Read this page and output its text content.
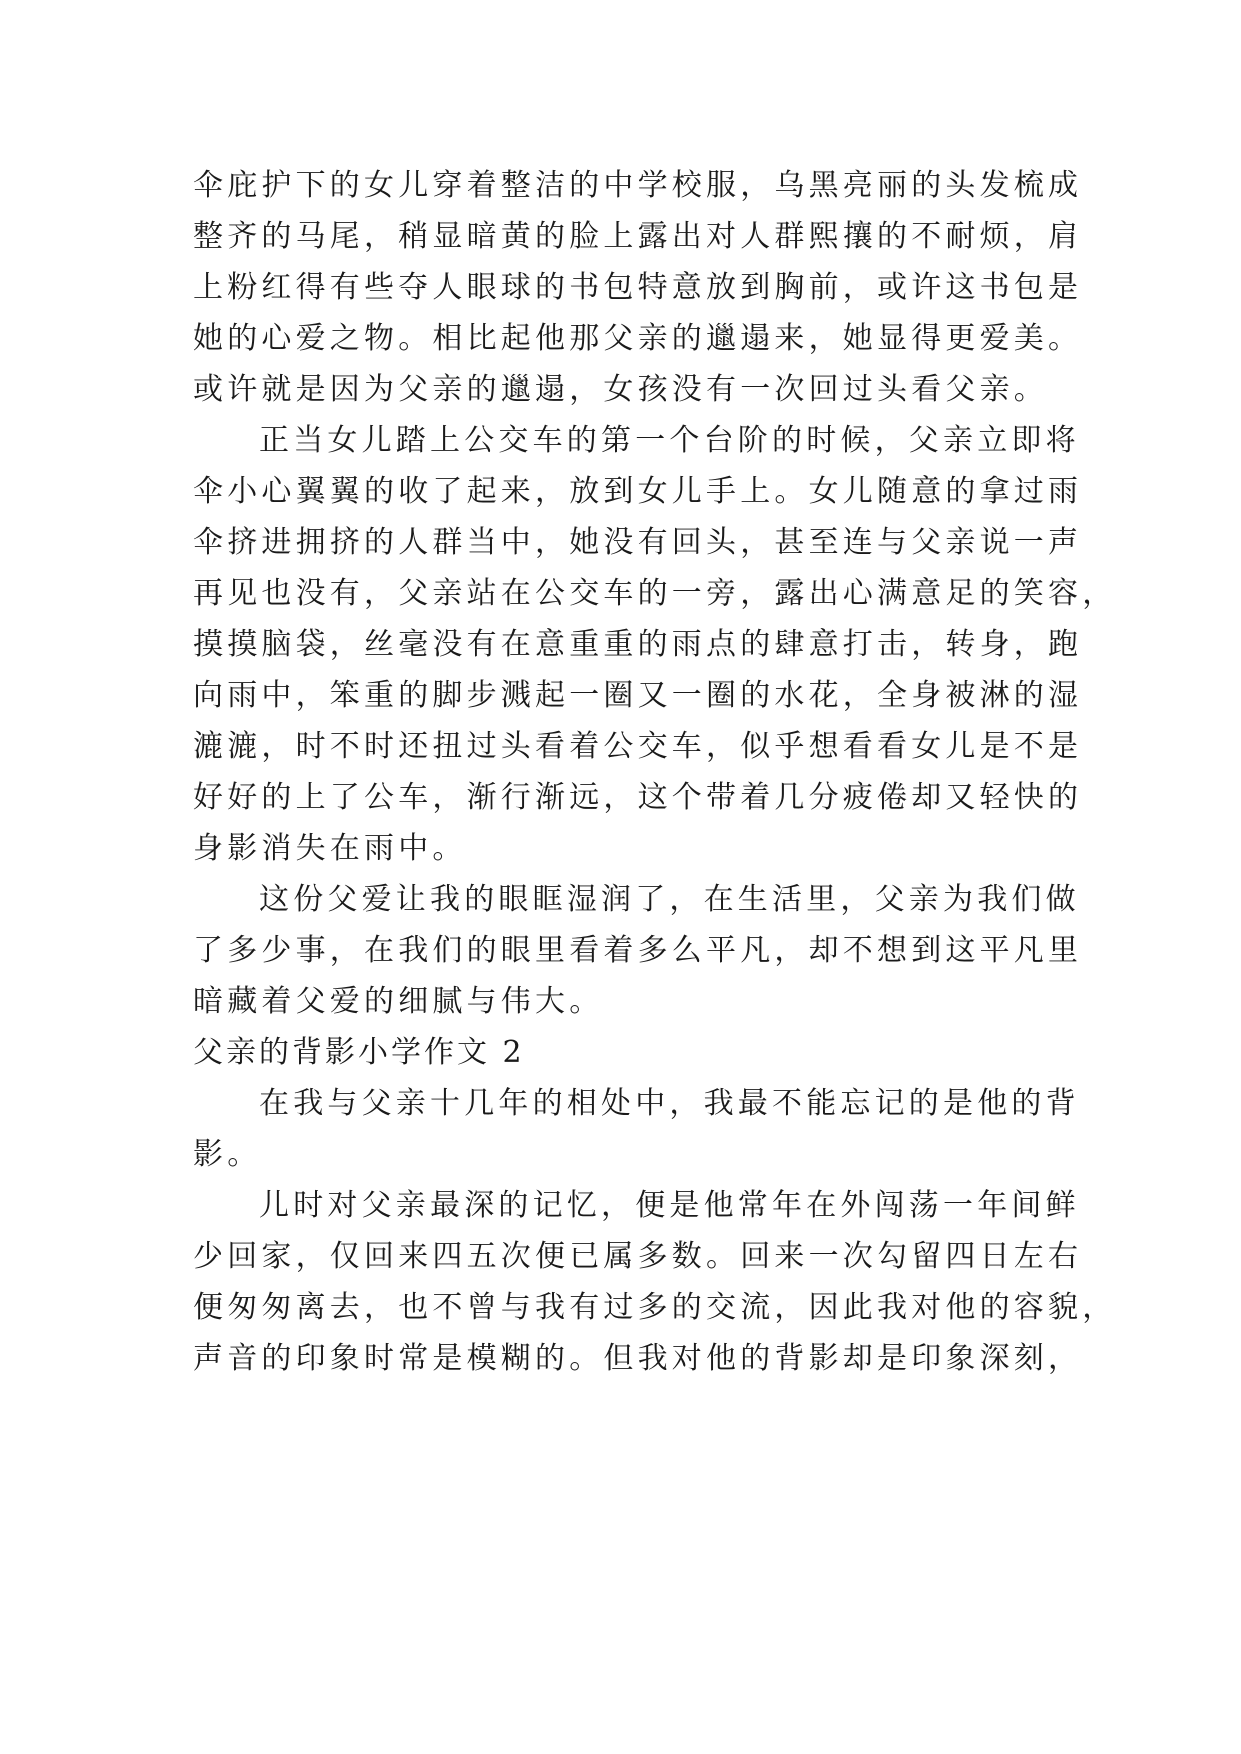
伞庇护下的女儿穿着整洁的中学校服，乌黑亮丽的头发梳成
整齐的马尾，稍显暗黄的脸上露出对人群熙攘的不耐烦，肩
上粉红得有些夺人眼球的书包特意放到胸前，或许这书包是
她的心爱之物。相比起他那父亲的邋遢来，她显得更爱美。
或许就是因为父亲的邋遢，女孩没有一次回过头看父亲。
正当女儿踏上公交车的第一个台阶的时候，父亲立即将
伞小心翼翼的收了起来，放到女儿手上。女儿随意的拿过雨
伞挤进拥挤的人群当中，她没有回头，甚至连与父亲说一声
再见也没有，父亲站在公交车的一旁，露出心满意足的笑容，
摸摸脑袋，丝毫没有在意重重的雨点的肆意打击，转身，跑
向雨中，笨重的脚步溅起一圈又一圈的水花，全身被淋的湿
漉漉，时不时还扭过头看着公交车，似乎想看看女儿是不是
好好的上了公车，渐行渐远，这个带着几分疲倦却又轻快的
身影消失在雨中。
这份父爱让我的眼眶湿润了，在生活里，父亲为我们做
了多少事，在我们的眼里看着多么平凡，却不想到这平凡里
暗藏着父爱的细腻与伟大。
父亲的背影小学作文 2
在我与父亲十几年的相处中，我最不能忘记的是他的背
影。
儿时对父亲最深的记忆，便是他常年在外闯荡一年间鲜
少回家，仅回来四五次便已属多数。回来一次勾留四日左右
便匆匆离去，也不曾与我有过多的交流，因此我对他的容貌，
声音的印象时常是模糊的。但我对他的背影却是印象深刻，
